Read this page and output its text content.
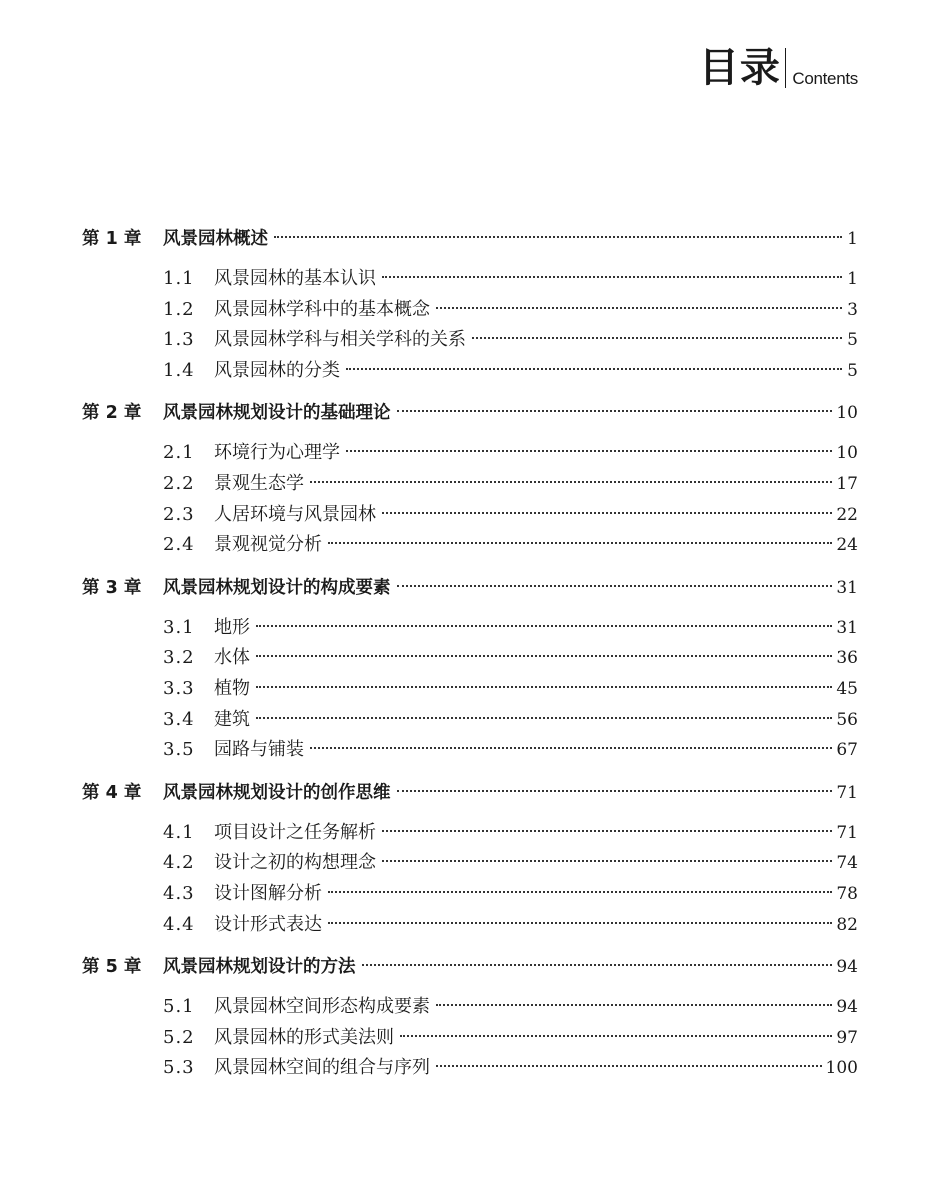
目录 Contents
第 1 章 风景园林概述	1
1.1 风景园林的基本认识	1
1.2 风景园林学科中的基本概念	3
1.3 风景园林学科与相关学科的关系	5
1.4 风景园林的分类	5
第 2 章 风景园林规划设计的基础理论	10
2.1 环境行为心理学	10
2.2 景观生态学	17
2.3 人居环境与风景园林	22
2.4 景观视觉分析	24
第 3 章 风景园林规划设计的构成要素	31
3.1 地形	31
3.2 水体	36
3.3 植物	45
3.4 建筑	56
3.5 园路与铺装	67
第 4 章 风景园林规划设计的创作思维	71
4.1 项目设计之任务解析	71
4.2 设计之初的构想理念	74
4.3 设计图解分析	78
4.4 设计形式表达	82
第 5 章 风景园林规划设计的方法	94
5.1 风景园林空间形态构成要素	94
5.2 风景园林的形式美法则	97
5.3 风景园林空间的组合与序列	100
